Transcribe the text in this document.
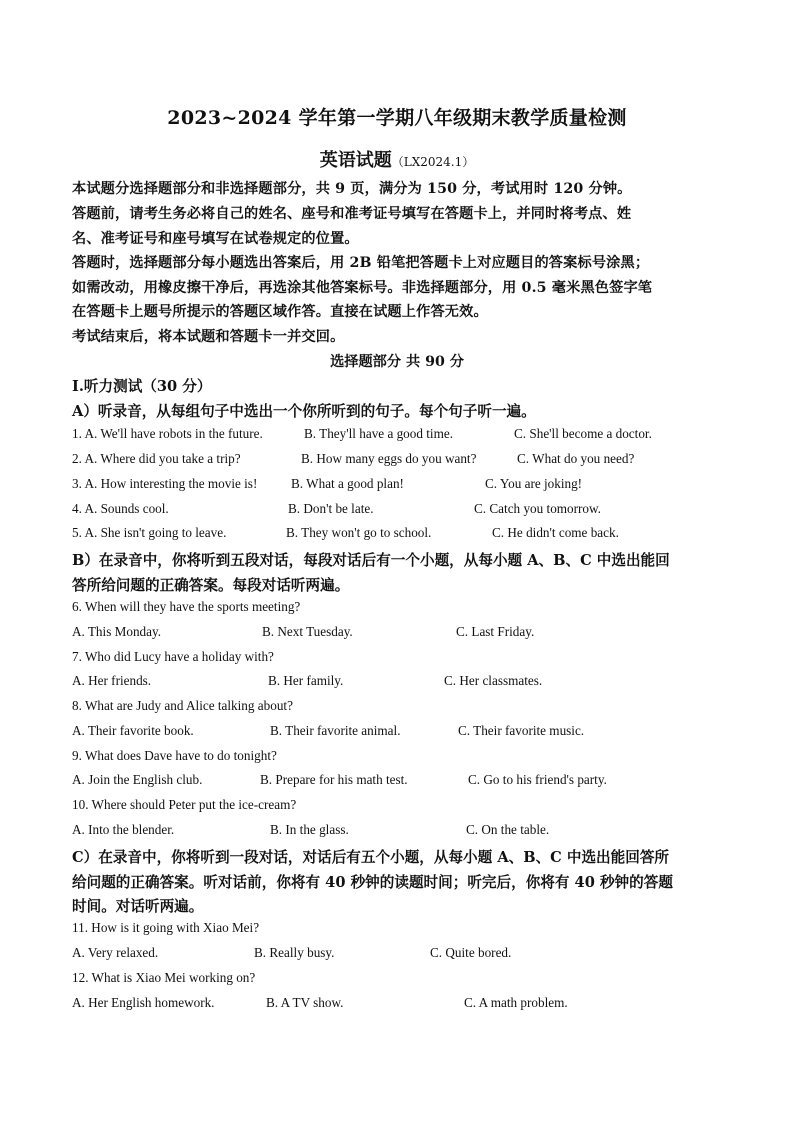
2023~2024 学年第一学期八年级期末教学质量检测
英语试题（LX2024.1）
本试题分选择题部分和非选择题部分，共 9 页，满分为 150 分，考试用时 120 分钟。
答题前，请考生务必将自己的姓名、座号和准考证号填写在答题卡上，并同时将考点、姓
名、准考证号和座号填写在试卷规定的位置。
答题时，选择题部分每小题选出答案后，用 2B 铅笔把答题卡上对应题目的答案标号涂黑；
如需改动，用橡皮擦干净后，再选涂其他答案标号。非选择题部分，用 0.5 毫米黑色签字笔
在答题卡上题号所提示的答题区域作答。直接在试题上作答无效。
考试结束后，将本试题和答题卡一并交回。
选择题部分 共 90 分
I.听力测试（30 分）
A）听录音，从每组句子中选出一个你所听到的句子。每个句子听一遍。
1. A. We'll have robots in the future.	B. They'll have a good time.	C. She'll become a doctor.
2. A. Where did you take a trip?	B. How many eggs do you want?	C. What do you need?
3. A. How interesting the movie is!	B. What a good plan!	C. You are joking!
4. A. Sounds cool.	B. Don't be late.	C. Catch you tomorrow.
5. A. She isn't going to leave.	B. They won't go to school.	C. He didn't come back.
B）在录音中，你将听到五段对话，每段对话后有一个小题，从每小题 A、B、C 中选出能回
答所给问题的正确答案。每段对话听两遍。
6. When will they have the sports meeting?
A. This Monday.	B. Next Tuesday.	C. Last Friday.
7. Who did Lucy have a holiday with?
A. Her friends.	B. Her family.	C. Her classmates.
8. What are Judy and Alice talking about?
A. Their favorite book.	B. Their favorite animal.	C. Their favorite music.
9. What does Dave have to do tonight?
A. Join the English club.	B. Prepare for his math test.	C. Go to his friend's party.
10. Where should Peter put the ice-cream?
A. Into the blender.	B. In the glass.	C. On the table.
C）在录音中，你将听到一段对话，对话后有五个小题，从每小题 A、B、C 中选出能回答所
给问题的正确答案。听对话前，你将有 40 秒钟的读题时间；听完后，你将有 40 秒钟的答题
时间。对话听两遍。
11. How is it going with Xiao Mei?
A. Very relaxed.	B. Really busy.	C. Quite bored.
12. What is Xiao Mei working on?
A. Her English homework.	B. A TV show.	C. A math problem.
